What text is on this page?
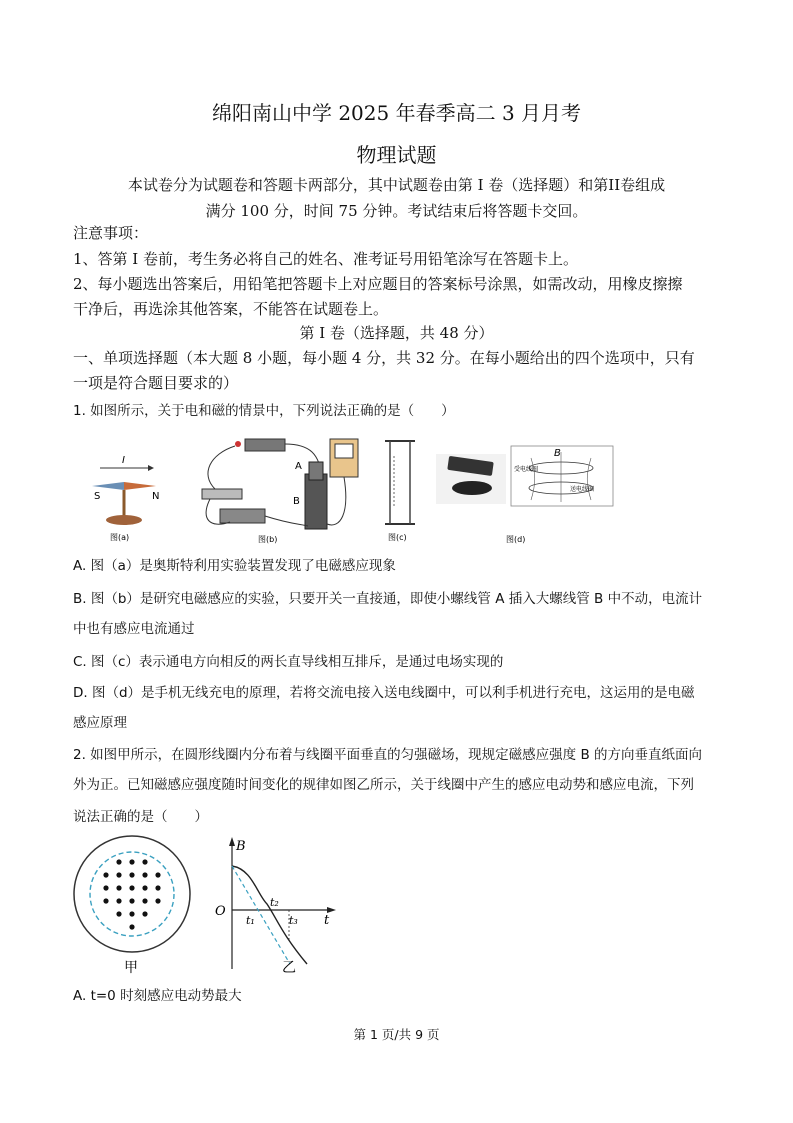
绵阳南山中学 2025 年春季高二 3 月月考
物理试题
本试卷分为试题卷和答题卡两部分，其中试题卷由第 I 卷（选择题）和第II卷组成
满分 100 分，时间 75 分钟。考试结束后将答题卡交回。
注意事项：
1、答第 I 卷前，考生务必将自己的姓名、准考证号用铅笔涂写在答题卡上。
2、每小题选出答案后，用铅笔把答题卡上对应题目的答案标号涂黑，如需改动，用橡皮擦擦
干净后，再选涂其他答案，不能答在试题卷上。
第 I 卷（选择题，共 48 分）
一、单项选择题（本大题 8 小题，每小题 4 分，共 32 分。在每小题给出的四个选项中，只有
一项是符合题目要求的）
1. 如图所示，关于电和磁的情景中，下列说法正确的是（　　）
I
S	N
图(a)
A
B
图(b)	图(c)
B
受电线圈
送电线圈
图(d)
A. 图（a）是奥斯特利用实验装置发现了电磁感应现象
B. 图（b）是研究电磁感应的实验，只要开关一直接通，即使小螺线管 A 插入大螺线管 B 中不动，电流计
中也有感应电流通过
C. 图（c）表示通电方向相反的两长直导线相互排斥，是通过电场实现的
D. 图（d）是手机无线充电的原理，若将交流电接入送电线圈中，可以利手机进行充电，这运用的是电磁
感应原理
2. 如图甲所示，在圆形线圈内分布着与线圈平面垂直的匀强磁场，现规定磁感应强度 B 的方向垂直纸面向
外为正。已知磁感应强度随时间变化的规律如图乙所示，关于线圈中产生的感应电动势和感应电流，下列
说法正确的是（　　）
甲
B
t
O
t₁
t₂
t₃
乙
A. t=0 时刻感应电动势最大
第 1 页/共 9 页
